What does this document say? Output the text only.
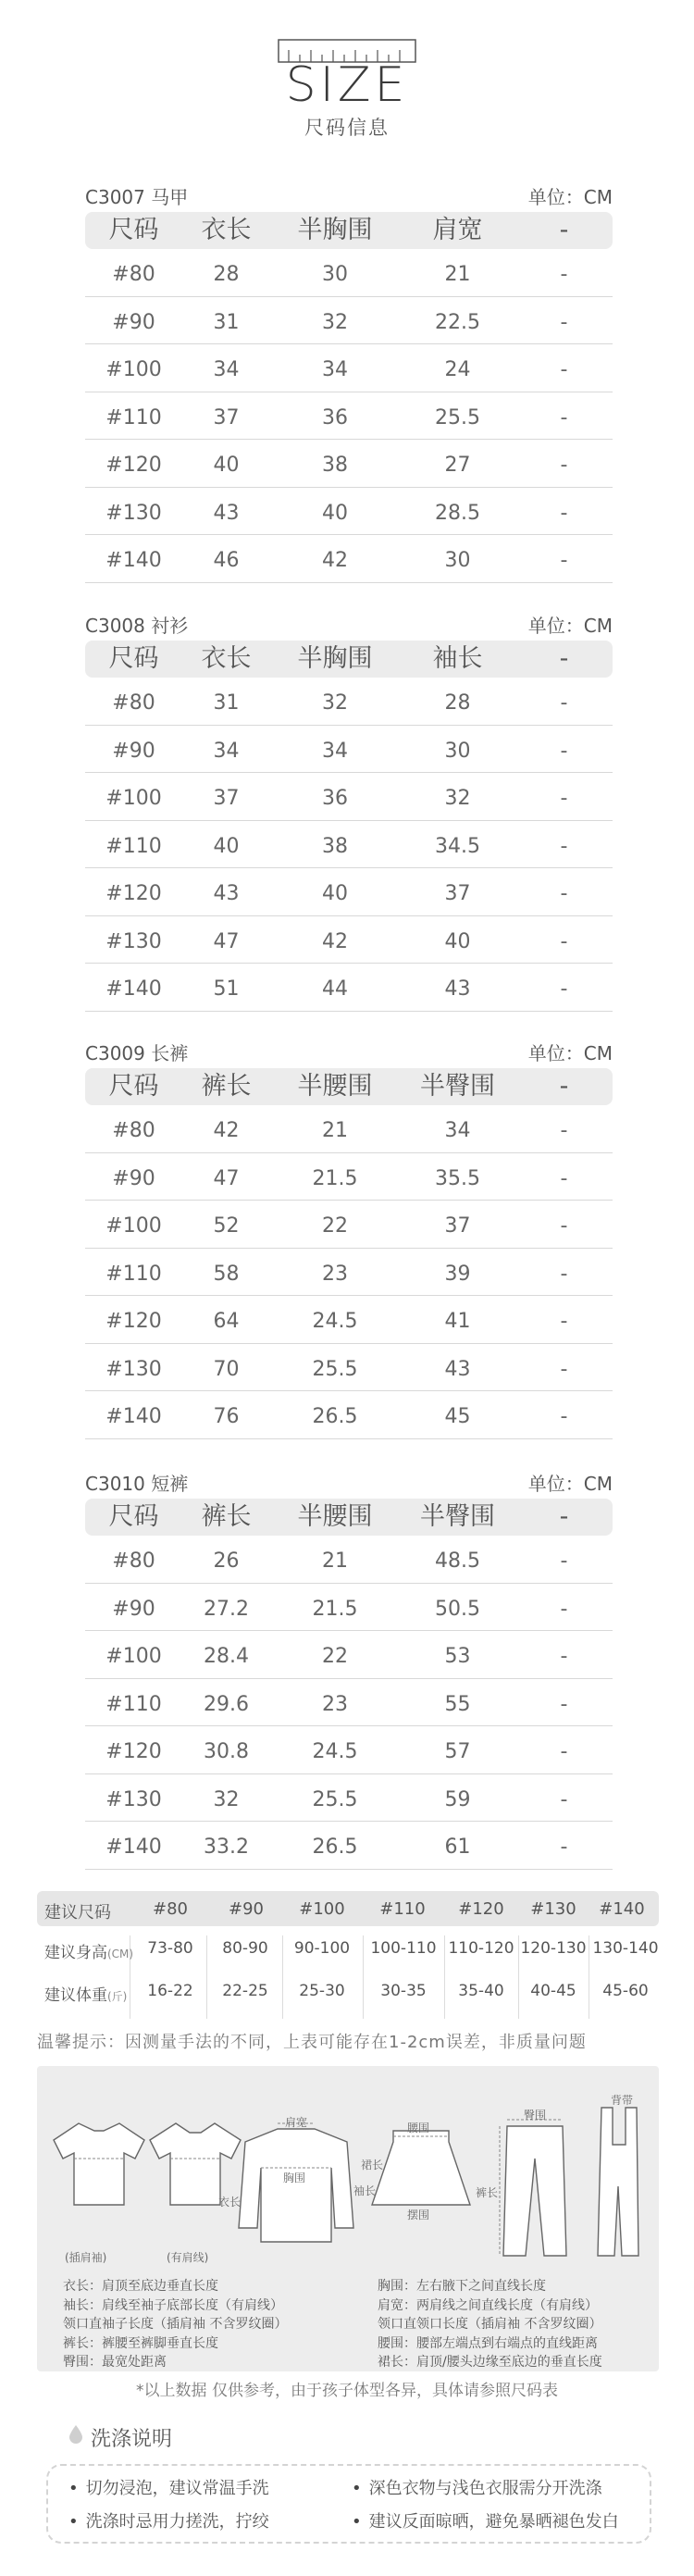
SIZE
尺码信息
C3007 马甲	单位：CM
尺码	衣长	半胸围	肩宽	-
#80	28	30	21	-
#90	31	32	22.5	-
#100	34	34	24	-
#110	37	36	25.5	-
#120	40	38	27	-
#130	43	40	28.5	-
#140	46	42	30	-
C3008 衬衫	单位：CM
尺码	衣长	半胸围	袖长	-
#80	31	32	28	-
#90	34	34	30	-
#100	37	36	32	-
#110	40	38	34.5	-
#120	43	40	37	-
#130	47	42	40	-
#140	51	44	43	-
C3009 长裤	单位：CM
尺码	裤长	半腰围	半臀围	-
#80	42	21	34	-
#90	47	21.5	35.5	-
#100	52	22	37	-
#110	58	23	39	-
#120	64	24.5	41	-
#130	70	25.5	43	-
#140	76	26.5	45	-
C3010 短裤	单位：CM
尺码	裤长	半腰围	半臀围	-
#80	26	21	48.5	-
#90	27.2	21.5	50.5	-
#100	28.4	22	53	-
#110	29.6	23	55	-
#120	30.8	24.5	57	-
#130	32	25.5	59	-
#140	33.2	26.5	61	-
建议尺码	#80	#90	#100	#110	#120	#130	#140
建议身高(CM) 73-80	80-90	90-100	100-110 110-120 120-130 130-140
建议体重(斤)	16-22	22-25	25-30	30-35	35-40	40-45	45-60
温馨提示：因测量手法的不同，上表可能存在1-2cm误差，非质量问题
(插肩袖)	(有肩线)
肩宽
胸围
衣长
袖长
腰围
摆围
裙长
臀围
裤长
背带
衣长：肩顶至底边垂直长度
袖长：肩线至袖子底部长度（有肩线）
领口直袖子长度（插肩袖 不含罗纹圈）
裤长：裤腰至裤脚垂直长度
臀围：最宽处距离
胸围：左右腋下之间直线长度
肩宽：两肩线之间直线长度（有肩线）
领口直领口长度（插肩袖 不含罗纹圈）
腰围：腰部左端点到右端点的直线距离
裙长：肩顶/腰头边缘至底边的垂直长度
*以上数据 仅供参考，由于孩子体型各异，具体请参照尺码表
洗涤说明
• 切勿浸泡，建议常温手洗	• 深色衣物与浅色衣服需分开洗涤
• 洗涤时忌用力搓洗，拧绞	• 建议反面晾晒，避免暴晒褪色发白
